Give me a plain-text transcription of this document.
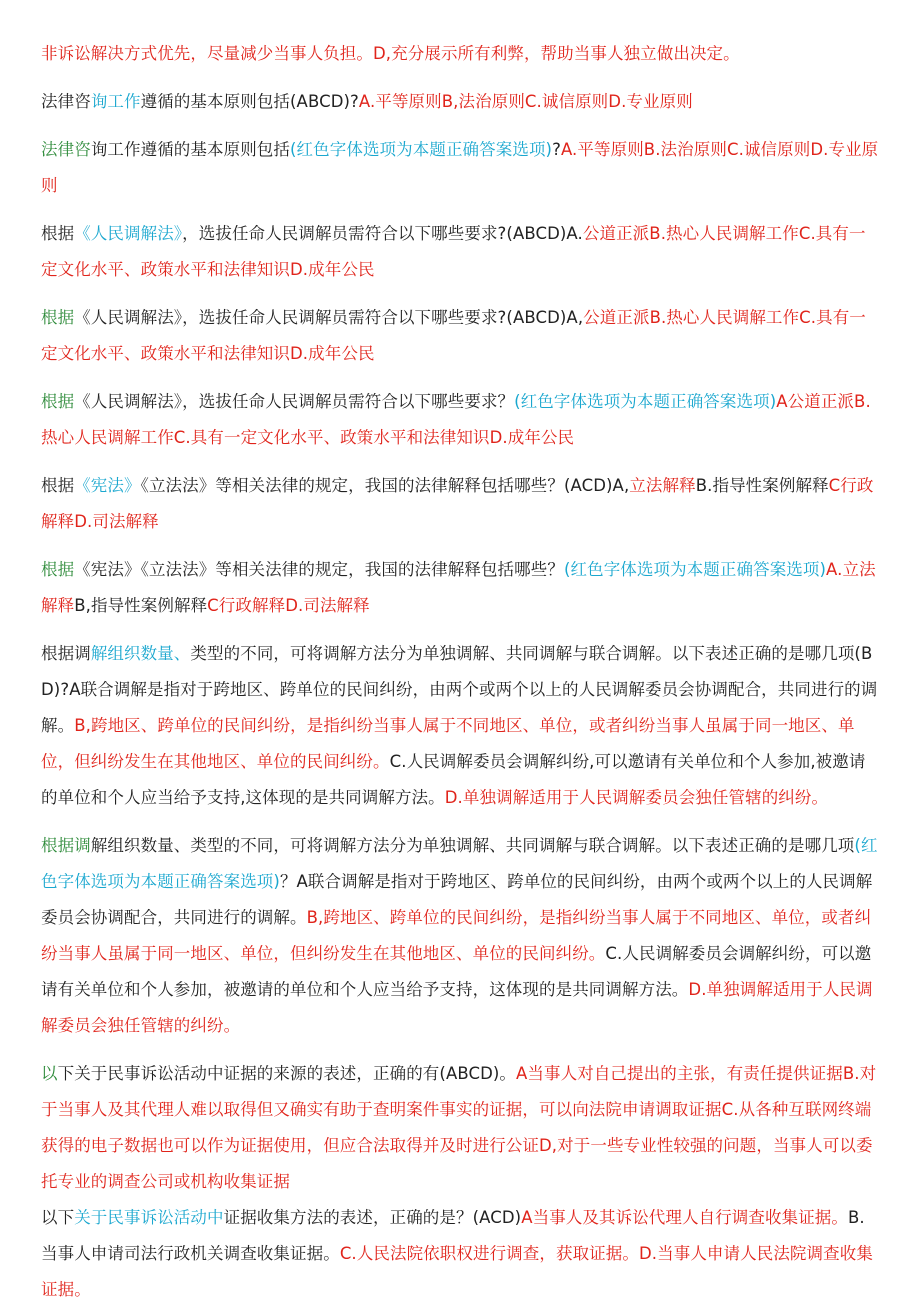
非诉讼解决方式优先，尽量减少当事人负担。D,充分展示所有利弊，帮助当事人独立做出决定。

法律咨询工作遵循的基本原则包括(ABCD)?A.平等原则B,法治原则C.诚信原则D.专业原则

法律咨询工作遵循的基本原则包括(红色字体选项为本题正确答案选项)?A.平等原则B.法治原则C.诚信原则D.专业原则

根据《人民调解法》，选拔任命人民调解员需符合以下哪些要求?(ABCD)A.公道正派B.热心人民调解工作C.具有一定文化水平、政策水平和法律知识D.成年公民

根据《人民调解法》，选拔任命人民调解员需符合以下哪些要求?(ABCD)A,公道正派B.热心人民调解工作C.具有一定文化水平、政策水平和法律知识D.成年公民

根据《人民调解法》，选拔任命人民调解员需符合以下哪些要求？(红色字体选项为本题正确答案选项)A公道正派B.热心人民调解工作C.具有一定文化水平、政策水平和法律知识D.成年公民

根据《宪法》《立法法》等相关法律的规定，我国的法律解释包括哪些？(ACD)A,立法解释B.指导性案例解释C行政解释D.司法解释

根据《宪法》《立法法》等相关法律的规定，我国的法律解释包括哪些？(红色字体选项为本题正确答案选项)A.立法解释B,指导性案例解释C行政解释D.司法解释

根据调解组织数量、类型的不同，可将调解方法分为单独调解、共同调解与联合调解。以下表述正确的是哪几项(BD)?A联合调解是指对于跨地区、跨单位的民间纠纷，由两个或两个以上的人民调解委员会协调配合，共同进行的调解。B,跨地区、跨单位的民间纠纷，是指纠纷当事人属于不同地区、单位，或者纠纷当事人虽属于同一地区、单位，但纠纷发生在其他地区、单位的民间纠纷。C.人民调解委员会调解纠纷,可以邀请有关单位和个人参加,被邀请的单位和个人应当给予支持,这体现的是共同调解方法。D.单独调解适用于人民调解委员会独任管辖的纠纷。

根据调解组织数量、类型的不同，可将调解方法分为单独调解、共同调解与联合调解。以下表述正确的是哪几项(红色字体选项为本题正确答案选项)？A联合调解是指对于跨地区、跨单位的民间纠纷，由两个或两个以上的人民调解委员会协调配合，共同进行的调解。B,跨地区、跨单位的民间纠纷，是指纠纷当事人属于不同地区、单位，或者纠纷当事人虽属于同一地区、单位，但纠纷发生在其他地区、单位的民间纠纷。C.人民调解委员会调解纠纷，可以邀请有关单位和个人参加，被邀请的单位和个人应当给予支持，这体现的是共同调解方法。D.单独调解适用于人民调解委员会独任管辖的纠纷。

以下关于民事诉讼活动中证据的来源的表述，正确的有(ABCD)。A当事人对自己提出的主张，有责任提供证据B.对于当事人及其代理人难以取得但又确实有助于查明案件事实的证据，可以向法院申请调取证据C.从各种互联网终端获得的电子数据也可以作为证据使用，但应合法取得并及时进行公证D,对于一些专业性较强的问题，当事人可以委托专业的调查公司或机构收集证据

以下关于民事诉讼活动中证据收集方法的表述，正确的是？(ACD)A当事人及其诉讼代理人自行调查收集证据。B.当事人申请司法行政机关调查收集证据。C.人民法院依职权进行调查，获取证据。D.当事人申请人民法院调查收集证据。
